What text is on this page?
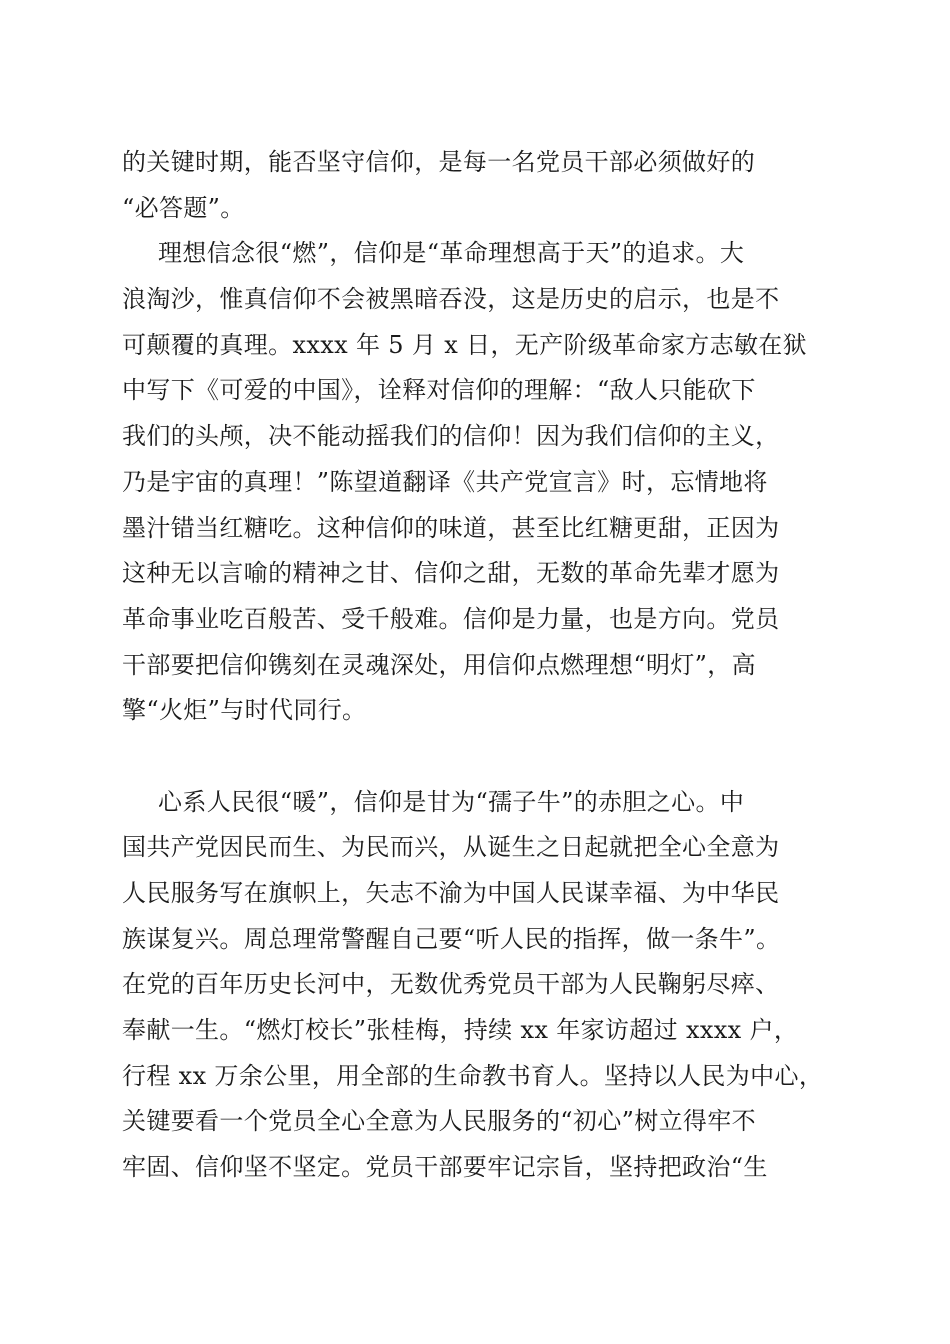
的关键时期，能否坚守信仰，是每一名党员干部必须做好的
“必答题”。
理想信念很“燃”，信仰是“革命理想高于天”的追求。大
浪淘沙，惟真信仰不会被黑暗吞没，这是历史的启示，也是不
可颠覆的真理。xxxx 年 5 月 x 日，无产阶级革命家方志敏在狱
中写下《可爱的中国》，诠释对信仰的理解：“敌人只能砍下
我们的头颅，决不能动摇我们的信仰！因为我们信仰的主义，
乃是宇宙的真理！”陈望道翻译《共产党宣言》时，忘情地将
墨汁错当红糖吃。这种信仰的味道，甚至比红糖更甜，正因为
这种无以言喻的精神之甘、信仰之甜，无数的革命先辈才愿为
革命事业吃百般苦、受千般难。信仰是力量，也是方向。党员
干部要把信仰镌刻在灵魂深处，用信仰点燃理想“明灯”，高
擎“火炬”与时代同行。
心系人民很“暖”，信仰是甘为“孺子牛”的赤胆之心。中
国共产党因民而生、为民而兴，从诞生之日起就把全心全意为
人民服务写在旗帜上，矢志不渝为中国人民谋幸福、为中华民
族谋复兴。周总理常警醒自己要“听人民的指挥，做一条牛”。
在党的百年历史长河中，无数优秀党员干部为人民鞠躬尽瘁、
奉献一生。“燃灯校长”张桂梅，持续 xx 年家访超过 xxxx 户，
行程 xx 万余公里，用全部的生命教书育人。坚持以人民为中心，
关键要看一个党员全心全意为人民服务的“初心”树立得牢不
牢固、信仰坚不坚定。党员干部要牢记宗旨，坚持把政治“生
